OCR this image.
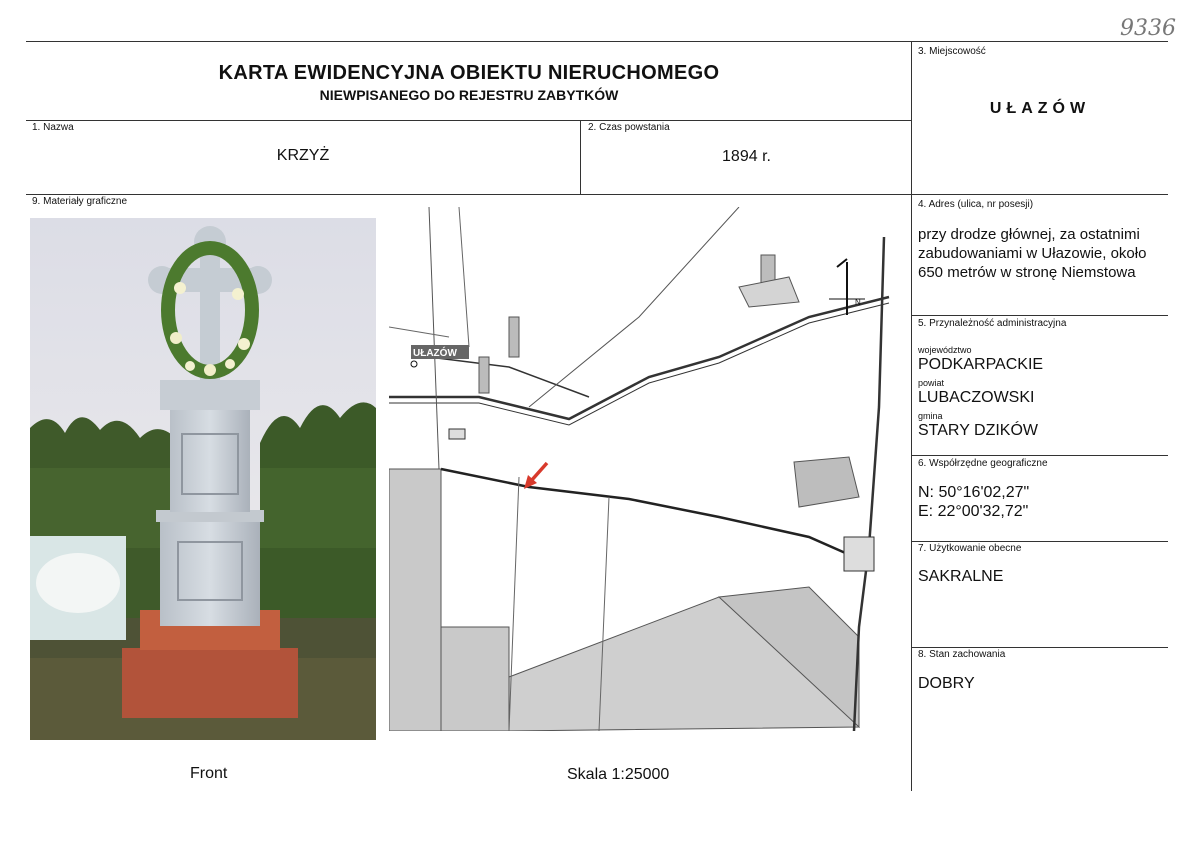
9336
KARTA EWIDENCYJNA OBIEKTU NIERUCHOMEGO
NIEWPISANEGO DO REJESTRU ZABYTKÓW
3. Miejscowość
UŁAZÓW
1. Nazwa
KRZYŻ
2. Czas powstania
1894 r.
9. Materiały graficzne	4. Adres (ulica, nr posesji)
przy drodze głównej, za ostatnimi zabudowaniami w Ułazowie, około 650 metrów w stronę Niemstowa
5. Przynależność administracyjna
województwo
PODKARPACKIE
powiat
LUBACZOWSKI
gmina
STARY DZIKÓW
6. Współrzędne geograficzne
N: 50°16'02,27"
E: 22°00'32,72"
7. Użytkowanie obecne
SAKRALNE
8. Stan zachowania
DOBRY
N
UŁAZÓW
Front	Skala 1:25000
